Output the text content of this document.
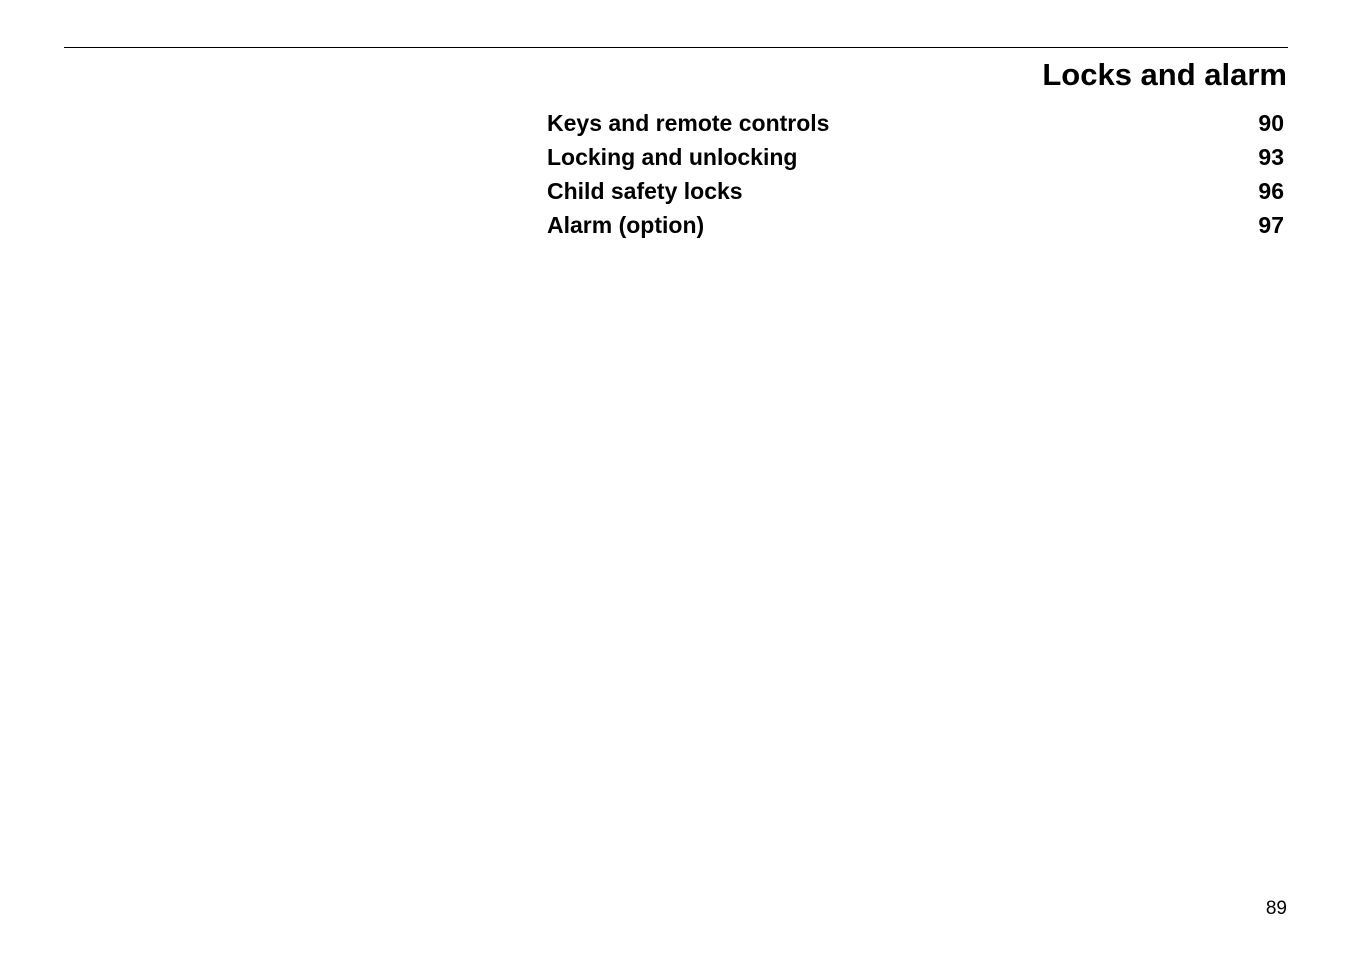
Locks and alarm
Keys and remote controls	90
Locking and unlocking	93
Child safety locks	96
Alarm (option)	97
89
